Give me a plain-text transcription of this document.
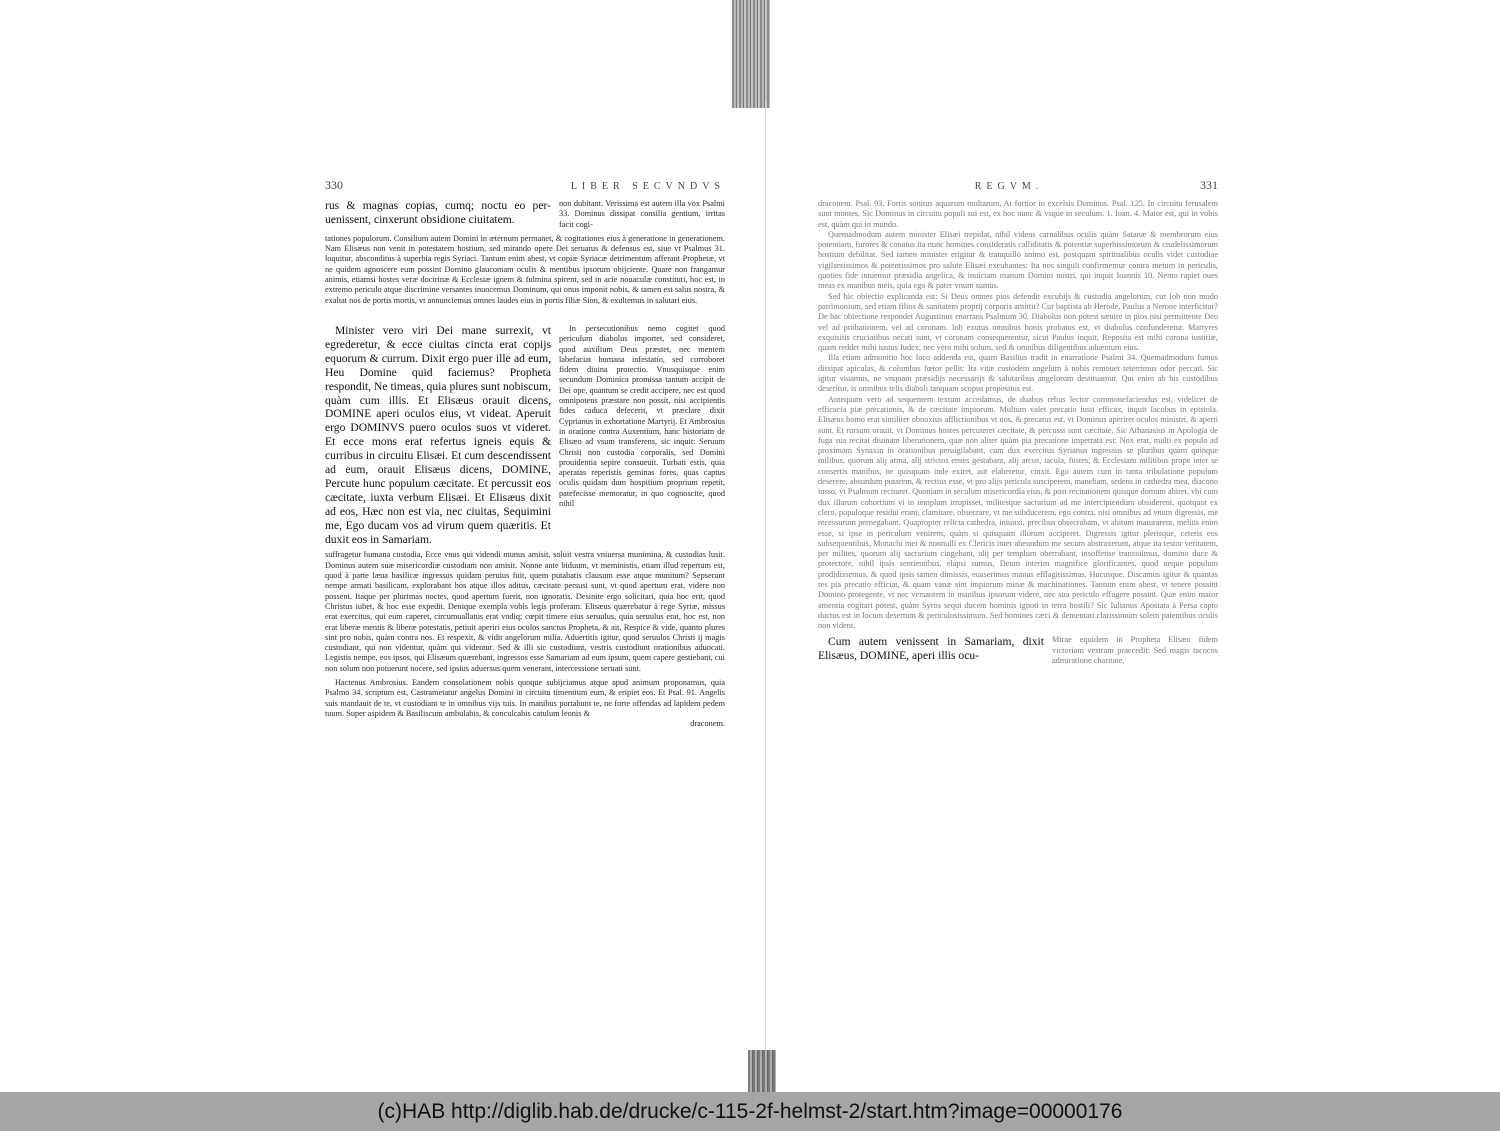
330	LIBER SECVNDVS

rus & magnas copias, cumq; noctu eo per-uenissent, cinxerunt obsidione ciuitatem.

non dubitant. Verissima est autem illa vox Psalmi 33. Dominus dissipat consilia gentium, irritas facit cogi-

tationes populorum. Consilium autem Domini in æternum permanet, & cogitationes eius à generatione in generationem. Nam Elisæus non venit in potestatem hostium, sed mirando opere Dei seruatus & defensus est, siue vt Psalmus 31. loquitur, absconditus à superbia regis Syriaci. Tantum enim abest, vt copiæ Syriacæ detrimentum afferant Prophetæ, vt ne quidem agnoscere eum possint Domino glaucomam oculis & mentibus ipsorum obijciente. Quare non frangamur animis, etiamsi hostes veræ doctrinæ & Ecclesiæ ignem & fulmina spirent, sed in acie nouaculæ constituti, hoc est, in extremo periculo atque discrimine versantes inuocemus Dominum, qui onus imponit nobis, & tamen est salus nostra, & exaltat nos de portis mortis, vt annunciemus omnes laudes eius in portis filiæ Sion, & exultemus in salutari eius.

Minister vero viri Dei mane surrexit, vt egrederetur, & ecce ciuitas cincta erat copijs equorum & currum. Dixit ergo puer ille ad eum, Heu Domine quid faciemus? Propheta respondit, Ne timeas, quia plures sunt nobiscum, quàm cum illis. Et Elisæus orauit dicens, DOMINE aperi oculos eius, vt videat. Aperuit ergo DOMINVS puero oculos suos vt videret. Et ecce mons erat refertus igneis equis & curribus in circuitu Elisæi. Et cum descendissent ad eum, orauit Elisæus dicens, DOMINE, Percute hunc populum cæcitate. Et percussit eos cæcitate, iuxta verbum Elisæi. Et Elisæus dixit ad eos, Hæc non est via, nec ciuitas, Sequimini me, Ego ducam vos ad virum quem quæritis. Et duxit eos in Samariam.

In persecutionibus nemo cogitet quod periculum diabolus importet, sed consideret, quod auxilium Deus præstet, nec mentem labefaciat humana infestatio, sed corroboret fidem diuina protectio. Vnusquisque enim secundum Dominica promissa tantum accipit de Dei ope, quantum se credit accipere, nec est quod omnipotens præstare non possit, nisi accipientis fides caduca defecerit, vt præclare dixit Cyprianus in exhortatione Martyrij. Et Ambrosius in oratione contra Auxentium, hanc historiam de Elisæo ad vsum transferens, sic inquit: Seruum Christi non custodia corporalis, sed Domini prouidentia sepire consueuit. Turbati estis, quia aperatas reperistis geminas fores, quas captus oculis quidam dum hospitium proprium repetit, patefecisse memoratur, in quo cognoscite, quod nihil

suffragetur humana custodia, Ecce vnus qui videndi munus amisit, soluit vestra vniuersa munimina, & custodias lusit. Dominus autem suæ misericordiæ custodiam non amisit. Nonne ante biduum, vt meministis, etiam illud repertum est, quod à parte læua basilicæ ingressus quidam peruius fuit, quem putabatis clausum esse atque munitum? Sepserunt nempe armati basilicam, explorabant hos atque illos aditus, cæcitate persusi sunt, vt quod apertum erat, videre non possent. Itaque per plurimas noctes, quod apertum fuerit, non ignoratis. Desinite ergo solicitari, quia hoc erit, quod Christus iubet, & hoc esse expedit. Denique exempla vobis legis proferam. Elisæus quærebatur à rege Syriæ, missus erat exercitus, qui eum caperet, circumuallatus erat vndiq; cœpit timere eius seruulus, quia seruulus erat, hoc est, non erat liberæ mentis & liberæ potestatis, petiuit aperiri eius oculos sanctus Propheta, & ait, Respice & vide, quanto plures sint pro nobis, quàm contra nos. Et respexit, & vidit angelorum milia. Aduertitis igitur, quod seruulos Christi ij magis custodiant, qui non videntur, quàm qui videntur. Sed & illi sic custodiunt, vestris custodiunt orationibus aduocati. Legistis nempe, eos ipsos, qui Elisæum quærebant, ingressos esse Samariam ad eum ipsum, quem capere gestiebant, cui non solum non potuerunt nocere, sed ipsius aduersus quem venerant, intercessione seruati sunt.

Hactenus Ambrosius. Eandem consolationem nobis quoque subijciamus atque apud animum proponamus, quia Psalmo 34. scriptum est, Castrametatur angelus Domini in circuitu timentium eum, & eripiet eos. Et Psal. 91. Angelis suis mandauit de te, vt custodiant te in omnibus vijs tuis. In manibus portabunt te, ne forte offendas ad lapidem pedem tuum. Super aspidem & Basiliscum ambulabis, & conculcabis catulum leonis &

draconem.

REGVM.	331

draconem. Psal. 93. Fortis sonitus aquarum multarum, At fortior in excelsis Dominus. Psal. 125. In circuitu Ierusalem sunt montes, Sic Dominus in circuitu populi sui est, ex hoc nunc & vsque in seculum. 1. Ioan. 4. Maior est, qui in vobis est, quàm qui in mundo.

Quemadmodum autem minister Elisæi trepidat, nihil videns carnalibus oculis quàm Satanæ & membrorum eius potentiam, furores & conatus ita nunc homines consideratis calliditatis & potentiæ superbissimorum & crudelissimorum hostium debilitat. Sed tamen minister erigitur & tranquillo animo est, postquam spiritualibus oculis videt custodiae vigilantissimos & potentissimos pro salute Elisæi excubantes: Ita nos singuli confirmemur contra metum in periculis, quoties fide intuemur præsidia angelica, & inuictam manum Domini nostri, qui inquit Ioannis 10. Nemo rapiet oues meas ex manibus meis, quia ego & pater vnum sumus.

Sed hic obiectio explicanda est: Si Deus omnes pios defendit excubijs & custodia angelorum, cur Iob non modo patrimonium, sed etiam filios & sanitatem proprij corporis amittit? Cur baptista ab Herode, Paulus a Nerone interficitur? De hac obiectione respondet Augustinus enarrans Psalmum 30. Diabolus non potest sæuire in pios nisi permittente Deo vel ad probationem, vel ad coronam. Iob exutus omnibus bonis probatus est, vt diabolus confunderetur. Martyres exquisitis cruciatibus necati sunt, vt coronam consequerentur, sicut Paulus inquit, Reposita est mihi corona iustitiæ, quam reddet mihi iustus Iudex, nec vero mihi solum, sed & omnibus diligentibus aduentum eius.

Illa etiam admonitio hoc loco addenda est, quam Basilius tradit in enarratione Psalmi 34. Quemadmodum fumus dissipat apiculas, & columbas fœtor pellit: Ita vitæ custodem angelum à nobis remouet teterrimus odor peccati. Sic igitur viuamus, ne vnquam præsidijs necessarijs & salutaribus angelorum destituamur. Qui enim ab his custodibus deseritur, is omnibus telis diaboli tanquam scopus propositus est.

Antequam vero ad sequentem textum accedamus, de duabus rebus lector commonefaciendus est, videlicet de efficacia piæ precationis, & de cæcitate impiorum. Multum valet precatio iusti efficax, inquit Iacobus in epistola. Elisæus homo erat similiter obnoxius afflictionibus vt nos, & precatus est, vt Dominus aperiret oculos ministri, & aperti sunt. Et rursum orauit, vt Dominus hostes percuteret cæcitate, & percussi sunt cæcitate. Sic Athanasius in Apologia de fuga sua recitat diuinam liberationem, quæ non aliter quàm pia precatione impetrata est: Nox erat, multi ex populo ad proximam Synaxin in orationibus peruigilabant, cum dux exercitus Syrianus ingressus se pluribus quàm quinque milibus, quorum alij arma, alij strictos enses gestabant, alij arcus, iacula, fustes, & Ecclesiam militibus prope inter se consertis manibus, ne quisquam inde exiret, aut elaberetur, cinxit. Ego autem cum in tanta tribulatione populum deserere, absurdum putarem, & rectius esse, vt pro alijs pericula susciperem, manebam, sedens in cathedra mea, diacono iusso, vt Psalmum recitaret. Quoniam in seculum misericordia eius, & post recitationem quisque domum abiret, vbi cum dux illarum cohortium vi in templum irrupisset, militesque sacrarium ad me intercipiendum obsiderent, quotquot ex clero, populoque residui erant, clamitare, obsecrare, vt me subducerem, ego contra, nisi omnibus ad vnum digressis, me recessurum pernegabam. Quapropter relicta cathedra, iniunxi, precibus obsecrabam, vt abitum maturarent, melius enim esse, si ipse in periculum venirem, quàm si quisquam illorum acciperet. Digressis igitur plerisque, ceteris eos subsequentibus, Monachi mei & nonnulli ex Clericis inter abeundum me secum abstraxerunt, atque ita testor veritatem, per milites, quorum alij sacrarium cingebant, alij per templum oberrabant, insoffense transiuimus, domino duce & protectore, nihil ipsis sentientibus, elapsi sumus, Deum interim magnifice glorificantes, quod neque populum prodidissemus, & quod ipsis tamen dimissis, euaserimus manus efflagitissimas. Hucusque. Discamus igitur & quantas res pia precatio efficiat, & quam vanæ sint impiorum minæ & machinationes. Tantum enim abest, vt tenere possint Domino protegente, vt nec versantem in manibus ipsorum videre, nec sua periculo effugere possint. Quæ enim maior amentia cogitari potest, quàm Syros sequi ducem hominis ignoti in terra hostili? Sic Iulianus Apostata à Persa capto ductus est in locum desertum & periculosissimum. Sed homines cæci & dementati clarissimum solem patentibus oculis non vident.

Cum autem venissent in Samariam, dixit Elisæus, DOMINE, aperi illis ocu-

Mirae equidem in Propheta Elisæo fidem victoriam vestram praecedit: Sed magis tacocos admiratione charitate,

(c)HAB http://diglib.hab.de/drucke/c-115-2f-helmst-2/start.htm?image=00000176
